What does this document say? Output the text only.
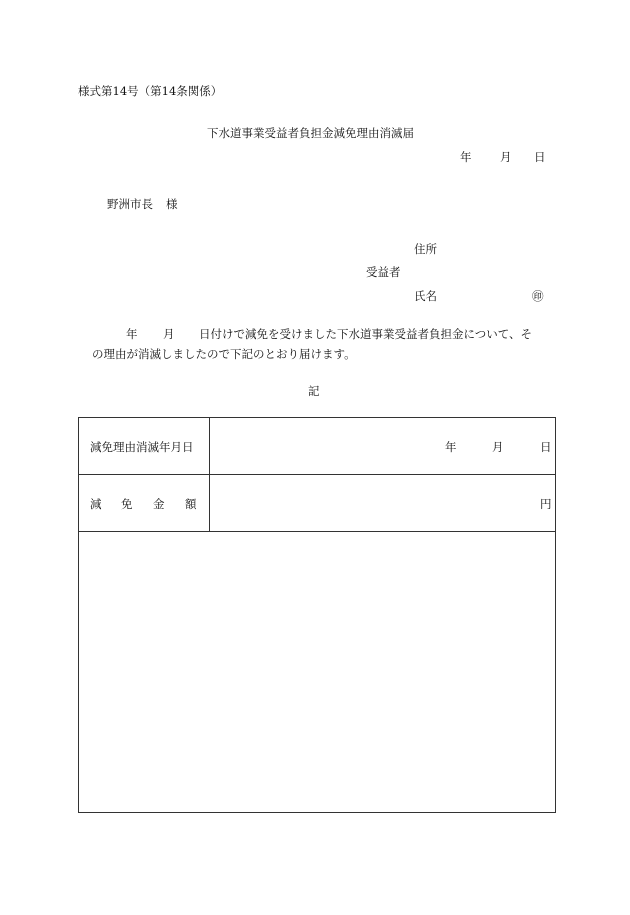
様式第14号（第14条関係）
下水道事業受益者負担金減免理由消滅届
年 月 日
野洲市長 様
住所
受益者
氏名	㊞
年 月 日付けで減免を受けました下水道事業受益者負担金について、そ
の理由が消滅しましたので下記のとおり届けます。
記
減免理由消滅年月日	年	月	日
減 免 金 額	円
